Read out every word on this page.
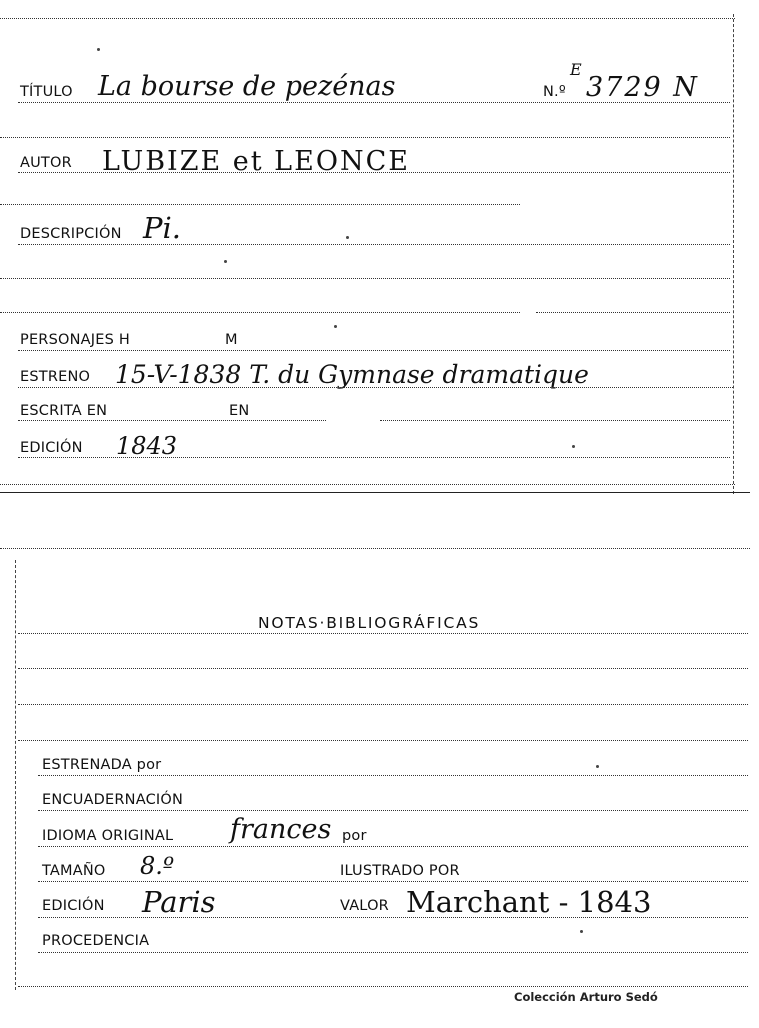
TÍTULO La bourse de pezénas	N.º
E
3729 N
AUTOR LUBIZE et LEONCE
DESCRIPCIÓN Pi.
PERSONAJES H	M
ESTRENO 15-V-1838 T. du Gymnase dramatique
ESCRITA EN	EN
EDICIÓN 1843
NOTAS·BIBLIOGRÁFICAS
ESTRENADA por
ENCUADERNACIÓN
IDIOMA ORIGINAL frances por
TAMAÑO 8.º	ILUSTRADO POR
EDICIÓN Paris	VALOR Marchant - 1843
PROCEDENCIA
Colección Arturo Sedó
